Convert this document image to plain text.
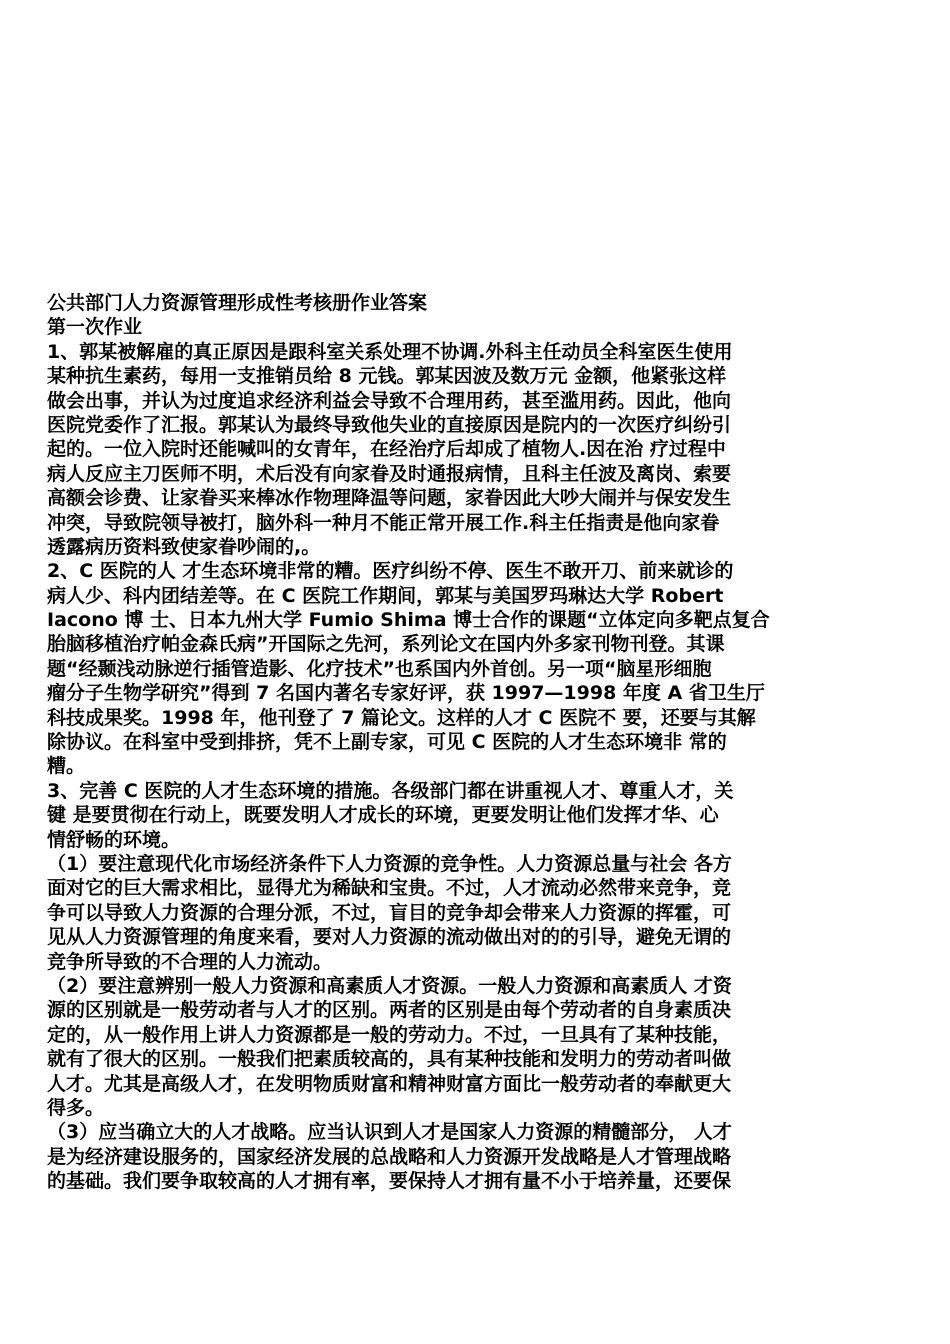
公共部门人力资源管理形成性考核册作业答案
第一次作业
1、郭某被解雇的真正原因是跟科室关系处理不协调.外科主任动员全科室医生使用
某种抗生素药，每用一支推销员给 8 元钱。郭某因波及数万元 金额，他紧张这样
做会出事，并认为过度追求经济利益会导致不合理用药，甚至滥用药。因此，他向
医院党委作了汇报。郭某认为最终导致他失业的直接原因是院内的一次医疗纠纷引
起的。一位入院时还能喊叫的女青年，在经治疗后却成了植物人.因在治 疗过程中
病人反应主刀医师不明，术后没有向家眷及时通报病情，且科主任波及离岗、索要
高额会诊费、让家眷买来棒冰作物理降温等问题，家眷因此大吵大闹并与保安发生
冲突，导致院领导被打，脑外科一种月不能正常开展工作.科主任指责是他向家眷
透露病历资料致使家眷吵闹的,。
2、C 医院的人 才生态环境非常的糟。医疗纠纷不停、医生不敢开刀、前来就诊的
病人少、科内团结差等。在 C 医院工作期间，郭某与美国罗玛琳达大学 Robert
Iacono 博 士、日本九州大学 Fumio Shima 博士合作的课题“立体定向多靶点复合
胎脑移植治疗帕金森氏病”开国际之先河，系列论文在国内外多家刊物刊登。其课
题“经颞浅动脉逆行插管造影、化疗技术”也系国内外首创。另一项“脑星形细胞
瘤分子生物学研究”得到 7 名国内著名专家好评，获 1997—1998 年度 A 省卫生厅
科技成果奖。1998 年，他刊登了 7 篇论文。这样的人才 C 医院不 要，还要与其解
除协议。在科室中受到排挤，凭不上副专家，可见 C 医院的人才生态环境非 常的
糟。
3、完善 C 医院的人才生态环境的措施。各级部门都在讲重视人才、尊重人才，关
键 是要贯彻在行动上，既要发明人才成长的环境，更要发明让他们发挥才华、心
情舒畅的环境。
（1）要注意现代化市场经济条件下人力资源的竞争性。人力资源总量与社会 各方
面对它的巨大需求相比，显得尤为稀缺和宝贵。不过，人才流动必然带来竞争，竞
争可以导致人力资源的合理分派，不过，盲目的竞争却会带来人力资源的挥霍，可
见从人力资源管理的角度来看，要对人力资源的流动做出对的的引导，避免无谓的
竞争所导致的不合理的人力流动。
（2）要注意辨别一般人力资源和高素质人才资源。一般人力资源和高素质人 才资
源的区别就是一般劳动者与人才的区别。两者的区别是由每个劳动者的自身素质决
定的，从一般作用上讲人力资源都是一般的劳动力。不过，一旦具有了某种技能，
就有了很大的区别。一般我们把素质较高的，具有某种技能和发明力的劳动者叫做
人才。尤其是高级人才，在发明物质财富和精神财富方面比一般劳动者的奉献更大
得多。
（3）应当确立大的人才战略。应当认识到人才是国家人力资源的精髓部分， 人才
是为经济建设服务的，国家经济发展的总战略和人力资源开发战略是人才管理战略
的基础。我们要争取较高的人才拥有率，要保持人才拥有量不小于培养量，还要保
